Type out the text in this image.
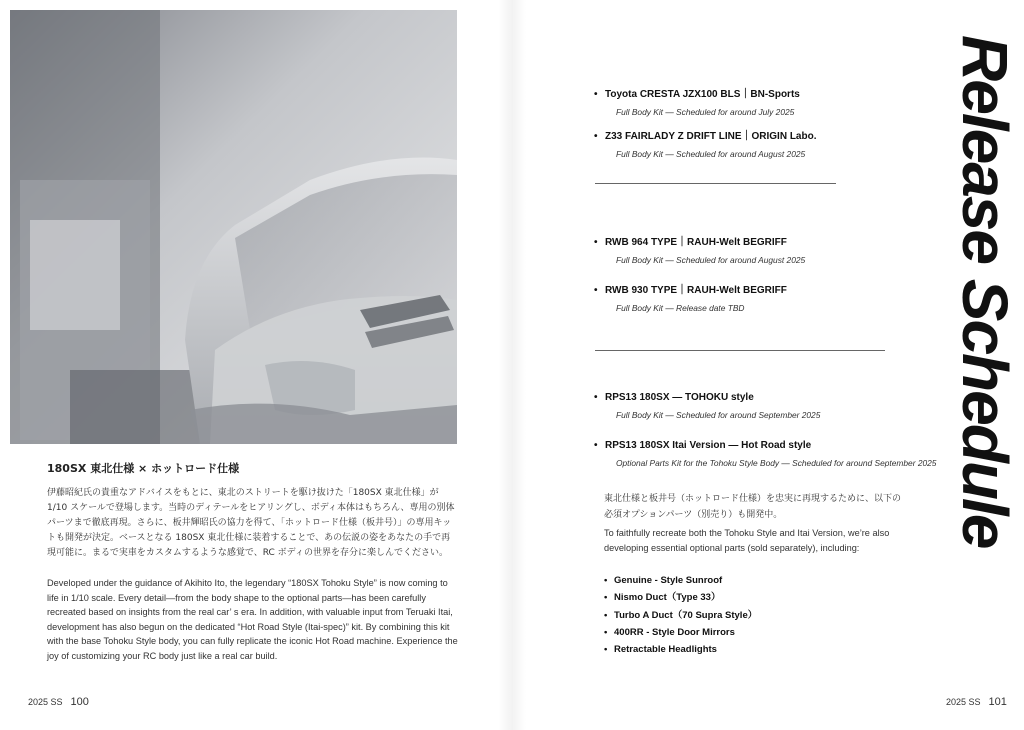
180SX 東北仕様 × ホットロード仕様
伊藤昭紀氏の貴重なアドバイスをもとに、東北のストリートを駆け抜けた「180SX 東北仕様」が 1/10 スケールで登場します。当時のディテールをヒアリングし、ボディ本体はもちろん、専用の別体パーツまで徹底再現。さらに、板井輝昭氏の協力を得て、「ホットロード仕様（板井号）」の専用キットも開発が決定。ベースとなる 180SX 東北仕様に装着することで、あの伝説の姿をあなたの手で再現可能に。まるで実車をカスタムするような感覚で、RC ボディの世界を存分に楽しんでください。
Developed under the guidance of Akihito Ito, the legendary “180SX Tohoku Style” is now coming to life in 1/10 scale. Every detail—from the body shape to the optional parts—has been carefully recreated based on insights from the real car’ s era. In addition, with valuable input from Teruaki Itai, development has also begun on the dedicated “Hot Road Style (Itai-spec)” kit. By combining this kit with the base Tohoku Style body, you can fully replicate the iconic Hot Road machine. Experience the joy of customizing your RC body just like a real car build.
2025 SS 100
Release Schedule
• Toyota CRESTA JZX100 BLS｜BN-Sports
Full Body Kit — Scheduled for around July 2025
• Z33 FAIRLADY Z DRIFT LINE｜ORIGIN Labo.
Full Body Kit — Scheduled for around August 2025
• RWB 964 TYPE｜RAUH-Welt BEGRIFF
Full Body Kit — Scheduled for around August 2025
• RWB 930 TYPE｜RAUH-Welt BEGRIFF
Full Body Kit — Release date TBD
• RPS13 180SX — TOHOKU style
Full Body Kit — Scheduled for around September 2025
• RPS13 180SX Itai Version — Hot Road style
Optional Parts Kit for the Tohoku Style Body — Scheduled for around September 2025
東北仕様と板井号（ホットロード仕様）を忠実に再現するために、以下の必須オプションパーツ（別売り）も開発中。
To faithfully recreate both the Tohoku Style and Itai Version, we’re also developing essential optional parts (sold separately), including:
• Genuine - Style Sunroof
• Nismo Duct（Type 33）
• Turbo A Duct（70 Supra Style）
• 400RR - Style Door Mirrors
• Retractable Headlights
2025 SS 101
